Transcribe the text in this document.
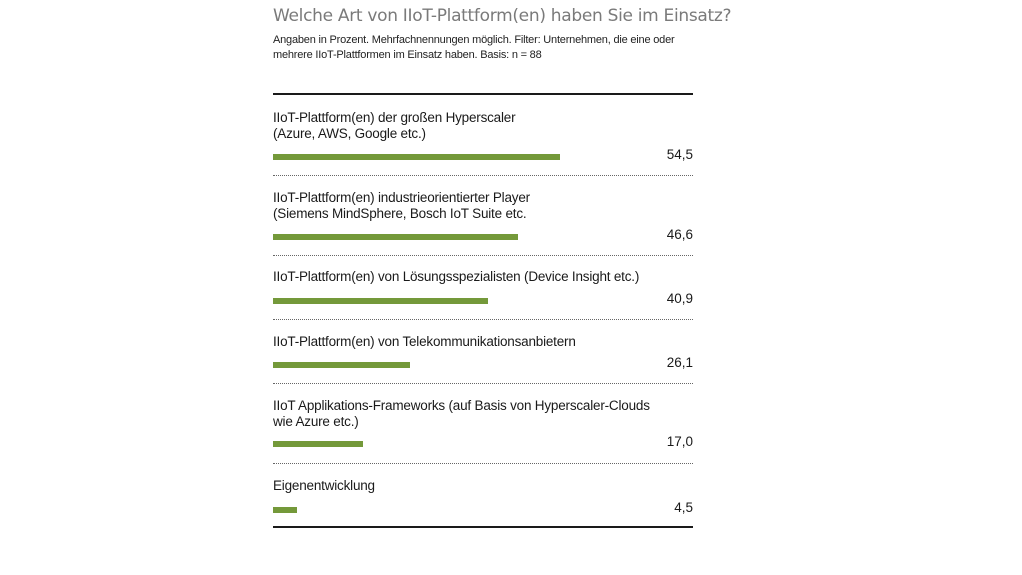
Welche Art von IIoT-Plattform(en) haben Sie im Einsatz?
Angaben in Prozent. Mehrfachnennungen möglich. Filter: Unternehmen, die eine oder
mehrere IIoT-Plattformen im Einsatz haben. Basis: n = 88
IIoT-Plattform(en) der großen Hyperscaler
(Azure, AWS, Google etc.)
54,5
IIoT-Plattform(en) industrieorientierter Player
(Siemens MindSphere, Bosch IoT Suite etc.
46,6
IIoT-Plattform(en) von Lösungsspezialisten (Device Insight etc.)
40,9
IIoT-Plattform(en) von Telekommunikationsanbietern
26,1
IIoT Applikations-Frameworks (auf Basis von Hyperscaler-Clouds
wie Azure etc.)
17,0
Eigenentwicklung
4,5
